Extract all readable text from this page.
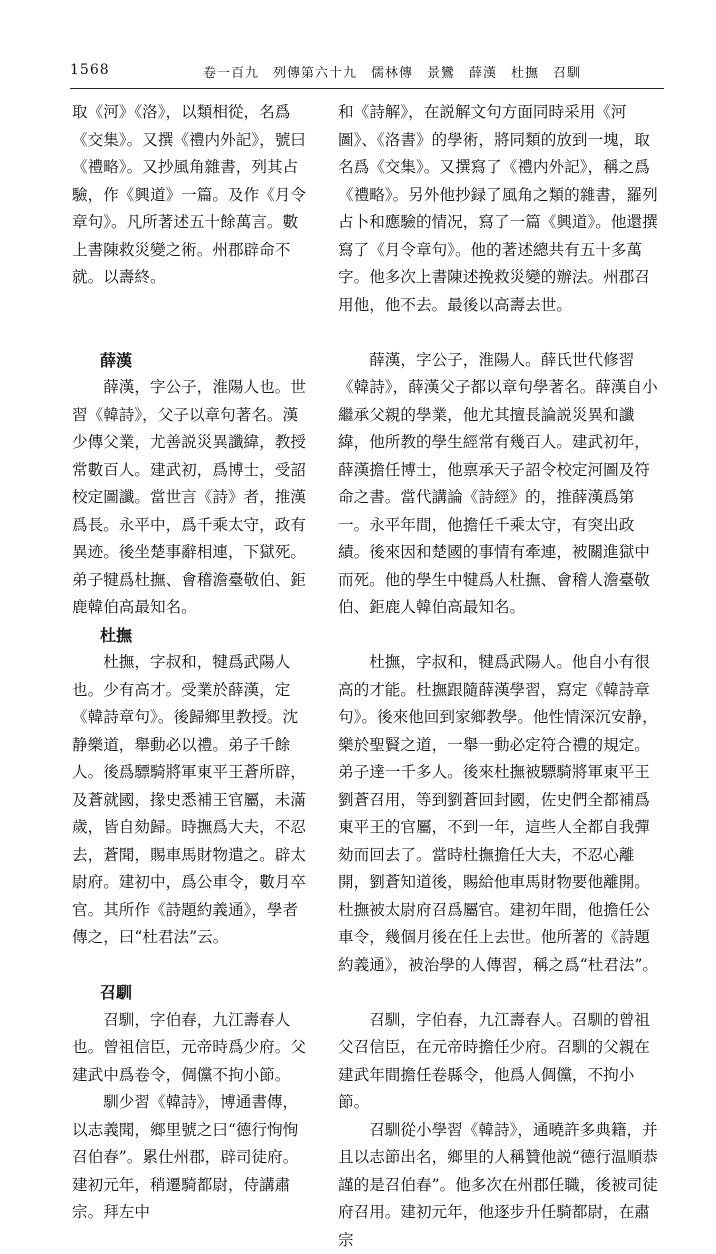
1568	卷一百九　列傳第六十九　儒林傳　景鸞　薛漢　杜撫　召馴

取《河》《洛》，以類相從，名爲《交集》。又撰《禮内外記》，號曰《禮略》。又抄風角雜書，列其占驗，作《興道》一篇。及作《月令章句》。凡所著述五十餘萬言。數上書陳救災變之術。州郡辟命不就。以壽終。

薛漢

薛漢，字公子，淮陽人也。世習《韓詩》，父子以章句著名。漢少傳父業，尤善説災異讖緯，教授常數百人。建武初，爲博士，受詔校定圖讖。當世言《詩》者，推漢爲長。永平中，爲千乘太守，政有異迹。後坐楚事辭相連，下獄死。弟子犍爲杜撫、會稽澹臺敬伯、鉅鹿韓伯高最知名。

杜撫

杜撫，字叔和，犍爲武陽人也。少有高才。受業於薛漢，定《韓詩章句》。後歸鄉里教授。沈静樂道，舉動必以禮。弟子千餘人。後爲驃騎將軍東平王蒼所辟，及蒼就國，掾史悉補王官屬，未滿歲，皆自劾歸。時撫爲大夫，不忍去，蒼聞，賜車馬財物遣之。辟太尉府。建初中，爲公車令，數月卒官。其所作《詩題約義通》，學者傳之，曰“杜君法”云。

召馴

召馴，字伯春，九江壽春人也。曾祖信臣，元帝時爲少府。父建武中爲卷令，倜儻不拘小節。

馴少習《韓詩》，博通書傳，以志義聞，鄉里號之曰“德行恂恂召伯春”。累仕州郡，辟司徒府。建初元年，稍遷騎都尉，侍講肅宗。拜左中

和《詩解》，在説解文句方面同時采用《河圖》、《洛書》的學術，將同類的放到一塊，取名爲《交集》。又撰寫了《禮内外記》，稱之爲《禮略》。另外他抄録了風角之類的雜書，羅列占卜和應驗的情况，寫了一篇《興道》。他還撰寫了《月令章句》。他的著述總共有五十多萬字。他多次上書陳述挽救災變的辦法。州郡召用他，他不去。最後以高壽去世。

薛漢，字公子，淮陽人。薛氏世代修習《韓詩》，薛漢父子都以章句學著名。薛漢自小繼承父親的學業，他尤其擅長論説災異和讖緯，他所教的學生經常有幾百人。建武初年，薛漢擔任博士，他禀承天子詔令校定河圖及符命之書。當代講論《詩經》的，推薛漢爲第一。永平年間，他擔任千乘太守，有突出政績。後來因和楚國的事情有牽連，被關進獄中而死。他的學生中犍爲人杜撫、會稽人澹臺敬伯、鉅鹿人韓伯高最知名。

杜撫，字叔和，犍爲武陽人。他自小有很高的才能。杜撫跟隨薛漢學習，寫定《韓詩章句》。後來他回到家鄉教學。他性情深沉安静，樂於聖賢之道，一舉一動必定符合禮的規定。弟子達一千多人。後來杜撫被驃騎將軍東平王劉蒼召用，等到劉蒼回封國，佐史們全都補爲東平王的官屬，不到一年，這些人全都自我彈劾而回去了。當時杜撫擔任大夫，不忍心離開，劉蒼知道後，賜給他車馬財物要他離開。杜撫被太尉府召爲屬官。建初年間，他擔任公車令，幾個月後在任上去世。他所著的《詩題約義通》，被治學的人傳習，稱之爲“杜君法”。

召馴，字伯春，九江壽春人。召馴的曾祖父召信臣，在元帝時擔任少府。召馴的父親在建武年間擔任卷縣令，他爲人倜儻，不拘小節。

召馴從小學習《韓詩》，通曉許多典籍，并且以志節出名，鄉里的人稱贊他説“德行温順恭謹的是召伯春”。他多次在州郡任職，後被司徒府召用。建初元年，他逐步升任騎都尉，在肅宗
